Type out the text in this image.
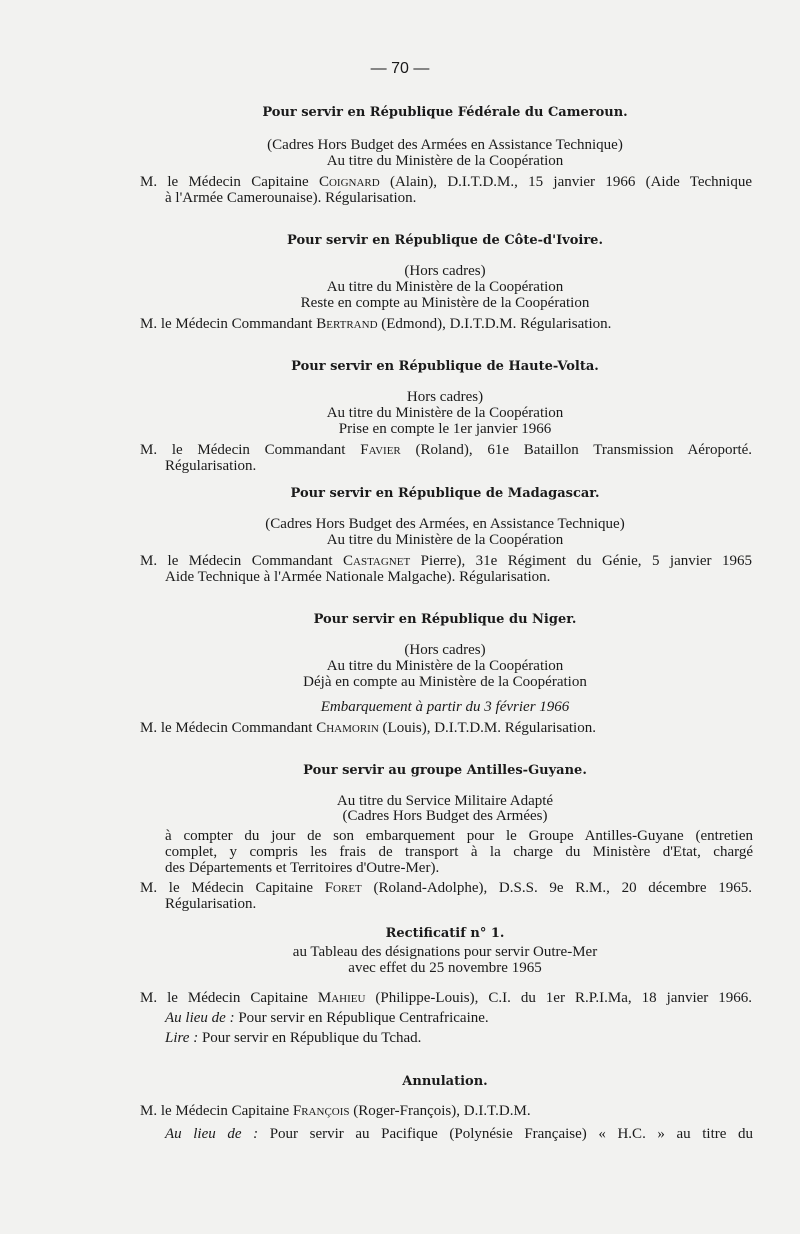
— 70 —
Pour servir en République Fédérale du Cameroun.
(Cadres Hors Budget des Armées en Assistance Technique)
Au titre du Ministère de la Coopération
M. le Médecin Capitaine Coignard (Alain), D.I.T.D.M., 15 janvier 1966 (Aide Technique
à l'Armée Camerounaise). Régularisation.
Pour servir en République de Côte-d'Ivoire.
(Hors cadres)
Au titre du Ministère de la Coopération
Reste en compte au Ministère de la Coopération
M. le Médecin Commandant Bertrand (Edmond), D.I.T.D.M. Régularisation.
Pour servir en République de Haute-Volta.
Hors cadres)
Au titre du Ministère de la Coopération
Prise en compte le 1er janvier 1966
M. le Médecin Commandant Favier (Roland), 61e Bataillon Transmission Aéroporté.
Régularisation.
Pour servir en République de Madagascar.
(Cadres Hors Budget des Armées, en Assistance Technique)
Au titre du Ministère de la Coopération
M. le Médecin Commandant Castagnet Pierre), 31e Régiment du Génie, 5 janvier 1965
Aide Technique à l'Armée Nationale Malgache). Régularisation.
Pour servir en République du Niger.
(Hors cadres)
Au titre du Ministère de la Coopération
Déjà en compte au Ministère de la Coopération
Embarquement à partir du 3 février 1966
M. le Médecin Commandant Chamorin (Louis), D.I.T.D.M. Régularisation.
Pour servir au groupe Antilles-Guyane.
Au titre du Service Militaire Adapté
(Cadres Hors Budget des Armées)
à compter du jour de son embarquement pour le Groupe Antilles-Guyane (entretien
complet, y compris les frais de transport à la charge du Ministère d'Etat, chargé
des Départements et Territoires d'Outre-Mer).
M. le Médecin Capitaine Foret (Roland-Adolphe), D.S.S. 9e R.M., 20 décembre 1965.
Régularisation.
Rectificatif n° 1.
au Tableau des désignations pour servir Outre-Mer
avec effet du 25 novembre 1965
M. le Médecin Capitaine Mahieu (Philippe-Louis), C.I. du 1er R.P.I.Ma, 18 janvier 1966.
Au lieu de : Pour servir en République Centrafricaine.
Lire : Pour servir en République du Tchad.
Annulation.
M. le Médecin Capitaine François (Roger-François), D.I.T.D.M.
Au lieu de : Pour servir au Pacifique (Polynésie Française) « H.C. » au titre du
